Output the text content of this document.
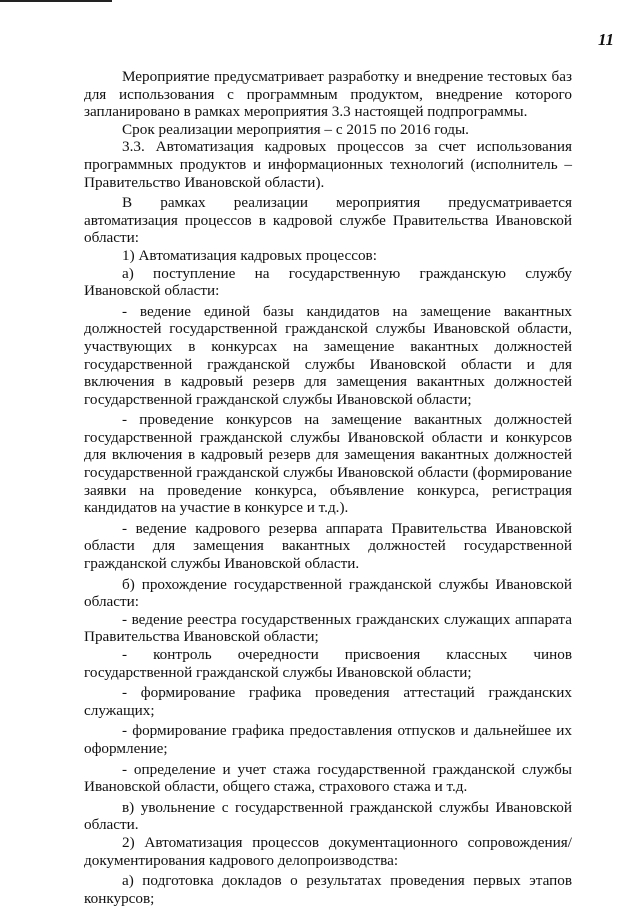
11

Мероприятие предусматривает разработку и внедрение тестовых баз для использования с программным продуктом, внедрение которого запланировано в рамках мероприятия 3.3 настоящей подпрограммы.

Срок реализации мероприятия – с 2015 по 2016 годы.

3.3. Автоматизация кадровых процессов за счет использования программных продуктов и информационных технологий (исполнитель – Правительство Ивановской области).

В рамках реализации мероприятия предусматривается автоматизация процессов в кадровой службе Правительства Ивановской области:

1) Автоматизация кадровых процессов:

а) поступление на государственную гражданскую службу Ивановской области:

- ведение единой базы кандидатов на замещение вакантных должностей государственной гражданской службы Ивановской области, участвующих в конкурсах на замещение вакантных должностей государственной гражданской службы Ивановской области и для включения в кадровый резерв для замещения вакантных должностей государственной гражданской службы Ивановской области;

- проведение конкурсов на замещение вакантных должностей государственной гражданской службы Ивановской области и конкурсов для включения в кадровый резерв для замещения вакантных должностей государственной гражданской службы Ивановской области (формирование заявки на проведение конкурса, объявление конкурса, регистрация кандидатов на участие в конкурсе и т.д.).

- ведение кадрового резерва аппарата Правительства Ивановской области для замещения вакантных должностей государственной гражданской службы Ивановской области.

б) прохождение государственной гражданской службы Ивановской области:

- ведение реестра государственных гражданских служащих аппарата Правительства Ивановской области;

- контроль очередности присвоения классных чинов государственной гражданской службы Ивановской области;

- формирование графика проведения аттестаций гражданских служащих;

- формирование графика предоставления отпусков и дальнейшее их оформление;

- определение и учет стажа государственной гражданской службы Ивановской области, общего стажа, страхового стажа и т.д.

в) увольнение с государственной гражданской службы Ивановской области.

2) Автоматизация процессов документационного сопровождения/документирования кадрового делопроизводства:

а) подготовка докладов о результатах проведения первых этапов конкурсов;
